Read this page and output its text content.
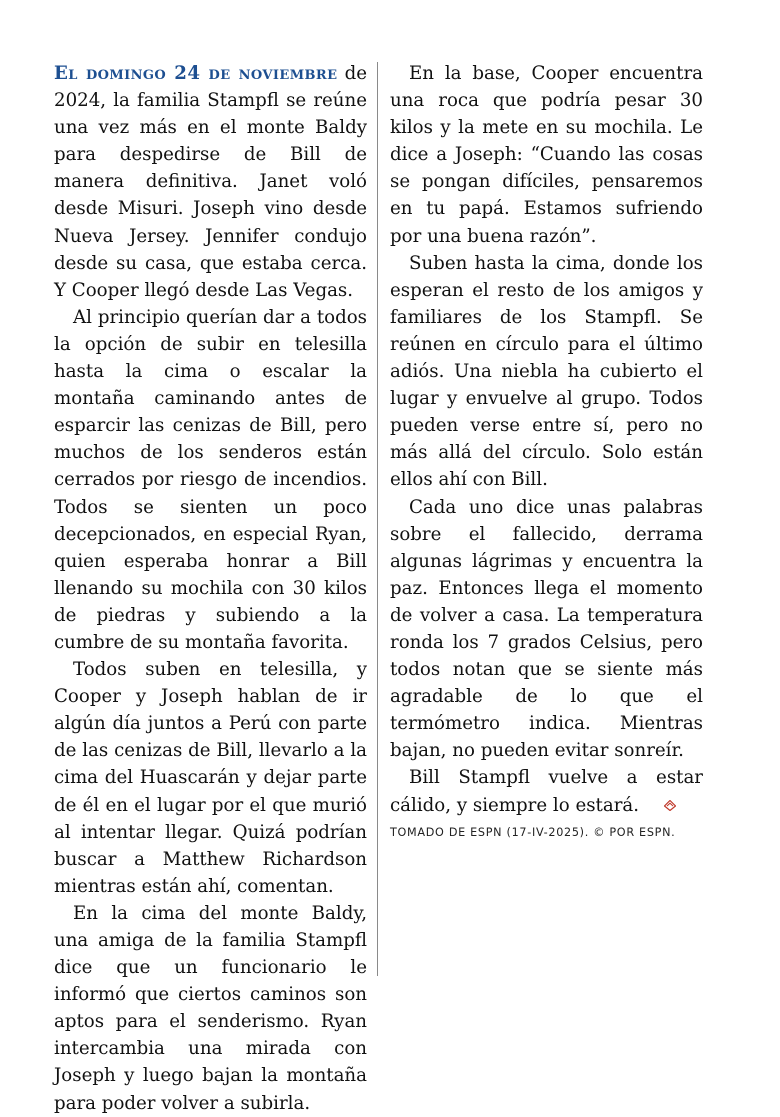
El domingo 24 de noviembre de 2024, la familia Stampfl se reúne una vez más en el monte Baldy para despedirse de Bill de manera definitiva. Janet voló desde Misuri. Joseph vino desde Nueva Jersey. Jennifer condujo desde su casa, que estaba cerca. Y Cooper llegó desde Las Vegas.

Al principio querían dar a todos la opción de subir en telesilla hasta la cima o escalar la montaña caminando antes de esparcir las cenizas de Bill, pero muchos de los senderos están cerrados por riesgo de incendios. Todos se sienten un poco decepcionados, en especial Ryan, quien esperaba honrar a Bill llenando su mochila con 30 kilos de piedras y subiendo a la cumbre de su montaña favorita.

Todos suben en telesilla, y Cooper y Joseph hablan de ir algún día juntos a Perú con parte de las cenizas de Bill, llevarlo a la cima del Huascarán y dejar parte de él en el lugar por el que murió al intentar llegar. Quizá podrían buscar a Matthew Richardson mientras están ahí, comentan.

En la cima del monte Baldy, una amiga de la familia Stampfl dice que un funcionario le informó que ciertos caminos son aptos para el senderismo. Ryan intercambia una mirada con Joseph y luego bajan la montaña para poder volver a subirla.

En la base, Cooper encuentra una roca que podría pesar 30 kilos y la mete en su mochila. Le dice a Joseph: “Cuando las cosas se pongan difíciles, pensaremos en tu papá. Estamos sufriendo por una buena razón”.

Suben hasta la cima, donde los esperan el resto de los amigos y familiares de los Stampfl. Se reúnen en círculo para el último adiós. Una niebla ha cubierto el lugar y envuelve al grupo. Todos pueden verse entre sí, pero no más allá del círculo. Solo están ellos ahí con Bill.

Cada uno dice unas palabras sobre el fallecido, derrama algunas lágrimas y encuentra la paz. Entonces llega el momento de volver a casa. La temperatura ronda los 7 grados Celsius, pero todos notan que se siente más agradable de lo que el termómetro indica. Mientras bajan, no pueden evitar sonreír.

Bill Stampfl vuelve a estar cálido, y siempre lo estará.

TOMADO DE ESPN (17-IV-2025). © POR ESPN.
